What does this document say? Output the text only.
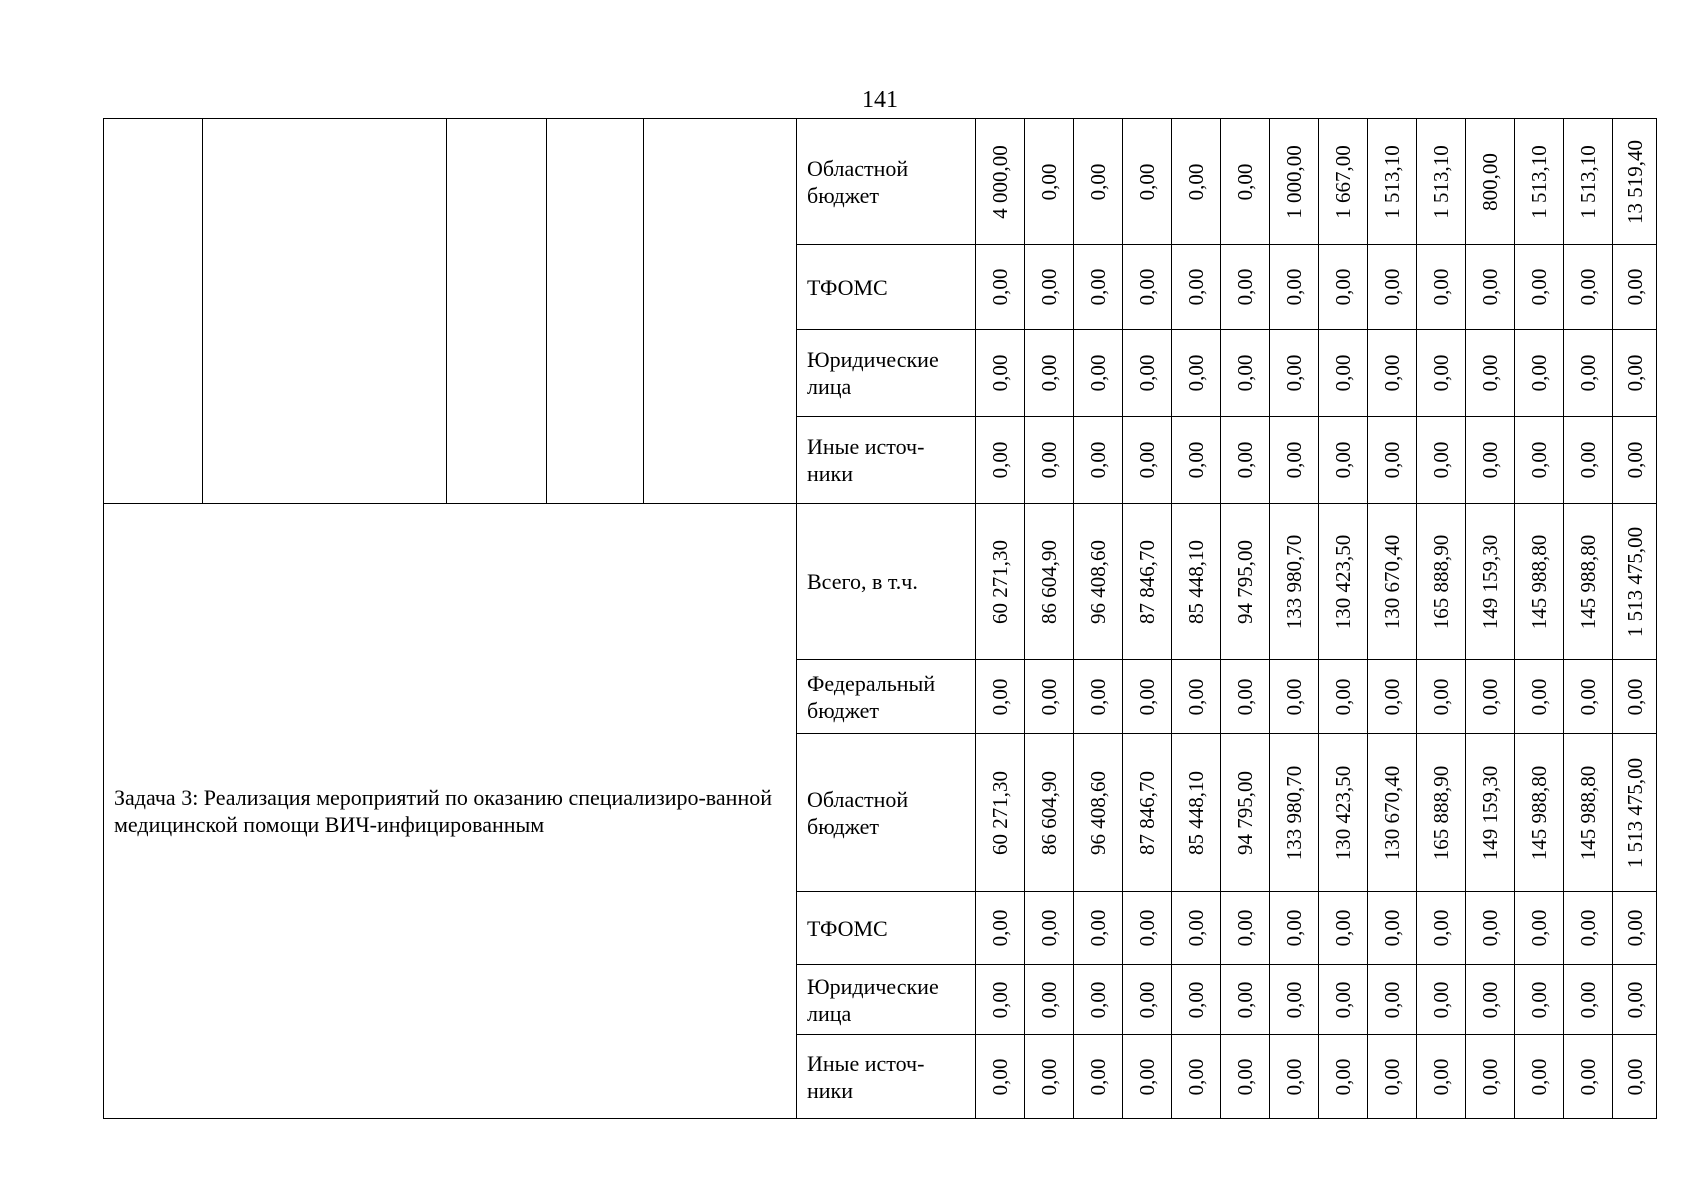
141
					Областной бюджет	4 000,00	0,00	0,00	0,00	0,00	0,00	1 000,00	1 667,00	1 513,10	1 513,10	800,00	1 513,10	1 513,10	13 519,40

					ТФОМС	0,00	0,00	0,00	0,00	0,00	0,00	0,00	0,00	0,00	0,00	0,00	0,00	0,00	0,00

					Юридические лица	0,00	0,00	0,00	0,00	0,00	0,00	0,00	0,00	0,00	0,00	0,00	0,00	0,00	0,00

					Иные источ-ники	0,00	0,00	0,00	0,00	0,00	0,00	0,00	0,00	0,00	0,00	0,00	0,00	0,00	0,00

Задача 3: Реализация мероприятий по оказанию специализиро-ванной медицинской помощи ВИЧ-инфицированным					Всего, в т.ч.	60 271,30	86 604,90	96 408,60	87 846,70	85 448,10	94 795,00	133 980,70	130 423,50	130 670,40	165 888,90	149 159,30	145 988,80	145 988,80	1 513 475,00

					Федеральный бюджет	0,00	0,00	0,00	0,00	0,00	0,00	0,00	0,00	0,00	0,00	0,00	0,00	0,00	0,00

					Областной бюджет	60 271,30	86 604,90	96 408,60	87 846,70	85 448,10	94 795,00	133 980,70	130 423,50	130 670,40	165 888,90	149 159,30	145 988,80	145 988,80	1 513 475,00

					ТФОМС	0,00	0,00	0,00	0,00	0,00	0,00	0,00	0,00	0,00	0,00	0,00	0,00	0,00	0,00

					Юридические лица	0,00	0,00	0,00	0,00	0,00	0,00	0,00	0,00	0,00	0,00	0,00	0,00	0,00	0,00

					Иные источ-ники	0,00	0,00	0,00	0,00	0,00	0,00	0,00	0,00	0,00	0,00	0,00	0,00	0,00	0,00
